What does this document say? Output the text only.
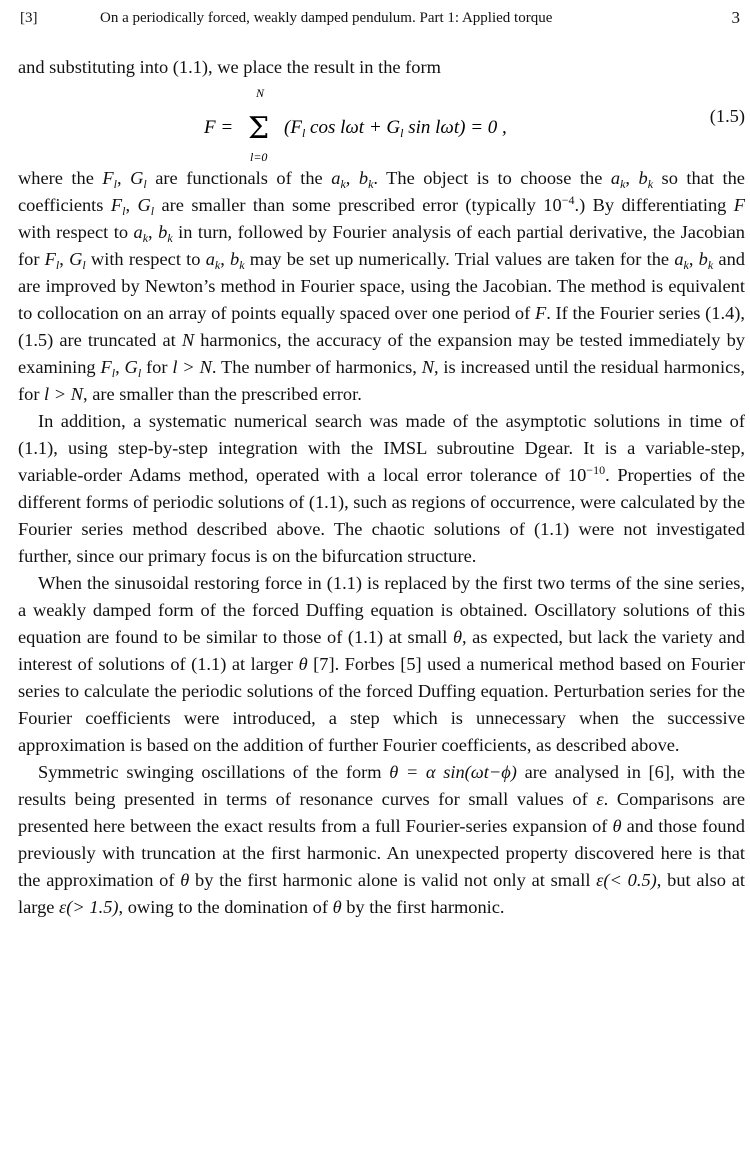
[3]	On a periodically forced, weakly damped pendulum. Part 1: Applied torque	3

and substituting into (1.1), we place the result in the form

F =
N
Σ
l=0
($F_l$ $\cos l\omega t + G_l$ sin lωt) = 0 ,
(1.5)

where the $F_l$, $G_l$ are functionals of the $a_k$, $b_k$. The object is to choose the $a_k$, $b_k$ so that the coefficients $F_l$, $G_l$ are smaller than some prescribed error (typically $10^{-4}$.) By differentiating F with respect to $a_k$, $b_k$ in turn, followed by Fourier analysis of each partial derivative, the Jacobian for $F_l$, $G_l$ with respect to $a_k$, $b_k$ may be set up numerically. Trial values are taken for the $a_k$, $b_k$ and are improved by Newton’s method in Fourier space, using the Jacobian. The method is equivalent to collocation on an array of points equally spaced over one period of F. If the Fourier series (1.4), (1.5) are truncated at N harmonics, the accuracy of the expansion may be tested immediately by examining $F_l$, $G_l$ for l > N. The number of harmonics, N, is increased until the residual harmonics, for l > N, are smaller than the prescribed error.

In addition, a systematic numerical search was made of the asymptotic solutions in time of (1.1), using step-by-step integration with the IMSL subroutine Dgear. It is a variable-step, variable-order Adams method, operated with a local error tolerance of $10^{-10}$. Properties of the different forms of periodic solutions of (1.1), such as regions of occurrence, were calculated by the Fourier series method described above. The chaotic solutions of (1.1) were not investigated further, since our primary focus is on the bifurcation structure.

When the sinusoidal restoring force in (1.1) is replaced by the first two terms of the sine series, a weakly damped form of the forced Duffing equation is obtained. Oscillatory solutions of this equation are found to be similar to those of (1.1) at small θ, as expected, but lack the variety and interest of solutions of (1.1) at larger θ [7]. Forbes [5] used a numerical method based on Fourier series to calculate the periodic solutions of the forced Duffing equation. Perturbation series for the Fourier coefficients were introduced, a step which is unnecessary when the successive approximation is based on the addition of further Fourier coefficients, as described above.

Symmetric swinging oscillations of the form θ = α sin(ωt−ϕ) are analysed in [6], with the results being presented in terms of resonance curves for small values of ε. Comparisons are presented here between the exact results from a full Fourier-series expansion of θ and those found previously with truncation at the first harmonic. An unexpected property discovered here is that the approximation of θ by the first harmonic alone is valid not only at small ε(< 0.5), but also at large ε(> 1.5), owing to the domination of θ by the first harmonic.
